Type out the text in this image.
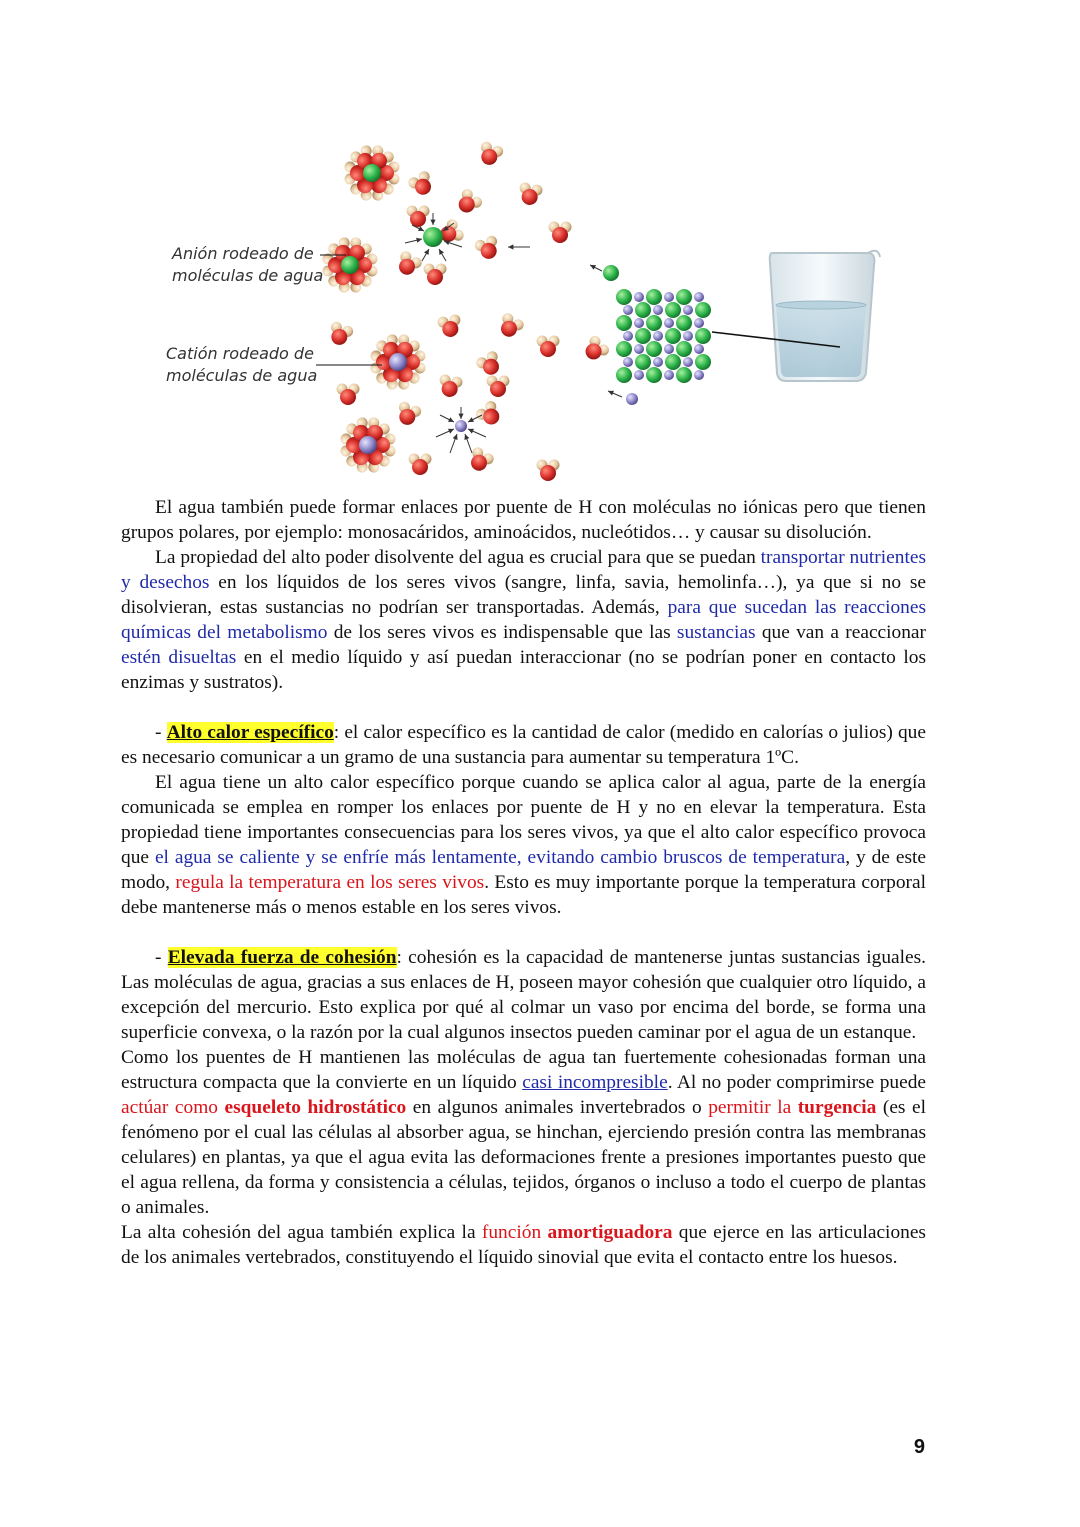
Anión rodeado de
moléculas de agua
Catión rodeado de
moléculas de agua

El agua también puede formar enlaces por puente de H con moléculas no iónicas pero que tienen grupos polares, por ejemplo: monosacáridos, aminoácidos, nucleótidos… y causar su disolución.

La propiedad del alto poder disolvente del agua es crucial para que se puedan transportar nutrientes y desechos en los líquidos de los seres vivos (sangre, linfa, savia, hemolinfa…), ya que si no se disolvieran, estas sustancias no podrían ser transportadas. Además, para que sucedan las reacciones químicas del metabolismo de los seres vivos es indispensable que las sustancias que van a reaccionar estén disueltas en el medio líquido y así puedan interaccionar (no se podrían poner en contacto los enzimas y sustratos).

- Alto calor específico: el calor específico es la cantidad de calor (medido en calorías o julios) que es necesario comunicar a un gramo de una sustancia para aumentar su temperatura 1ºC.

El agua tiene un alto calor específico porque cuando se aplica calor al agua, parte de la energía comunicada se emplea en romper los enlaces por puente de H y no en elevar la temperatura. Esta propiedad tiene importantes consecuencias para los seres vivos, ya que el alto calor específico provoca que el agua se caliente y se enfríe más lentamente, evitando cambio bruscos de temperatura, y de este modo, regula la temperatura en los seres vivos. Esto es muy importante porque la temperatura corporal debe mantenerse más o menos estable en los seres vivos.

- Elevada fuerza de cohesión: cohesión es la capacidad de mantenerse juntas sustancias iguales. Las moléculas de agua, gracias a sus enlaces de H, poseen mayor cohesión que cualquier otro líquido, a excepción del mercurio. Esto explica por qué al colmar un vaso por encima del borde, se forma una superficie convexa, o la razón por la cual algunos insectos pueden caminar por el agua de un estanque.

Como los puentes de H mantienen las moléculas de agua tan fuertemente cohesionadas forman una estructura compacta que la convierte en un líquido casi incompresible. Al no poder comprimirse puede actúar como esqueleto hidrostático en algunos animales invertebrados o permitir la turgencia (es el fenómeno por el cual las células al absorber agua, se hinchan, ejerciendo presión contra las membranas celulares) en plantas, ya que el agua evita las deformaciones frente a presiones importantes puesto que el agua rellena, da forma y consistencia a células, tejidos, órganos o incluso a todo el cuerpo de plantas o animales.

La alta cohesión del agua también explica la función amortiguadora que ejerce en las articulaciones de los animales vertebrados, constituyendo el líquido sinovial que evita el contacto entre los huesos.

9
